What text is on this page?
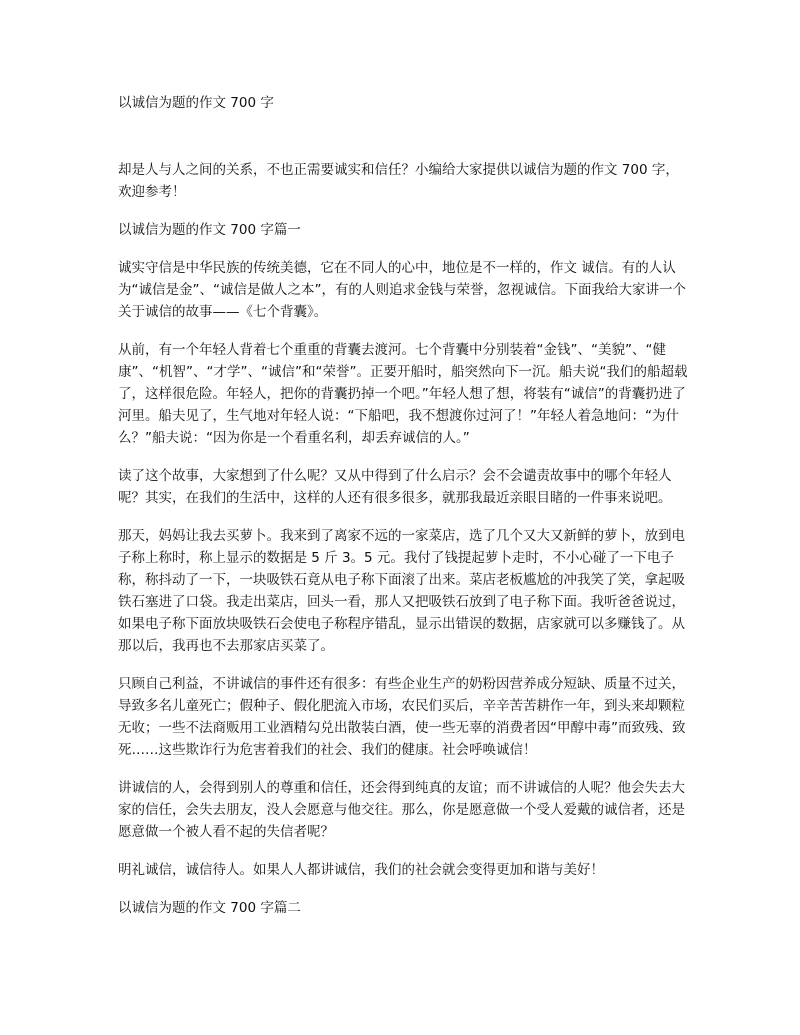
以诚信为题的作文 700 字

却是人与人之间的关系，不也正需要诚实和信任？小编给大家提供以诚信为题的作文 700 字，欢迎参考！

以诚信为题的作文 700 字篇一

诚实守信是中华民族的传统美德，它在不同人的心中，地位是不一样的，作文 诚信。有的人认为“诚信是金”、“诚信是做人之本”，有的人则追求金钱与荣誉，忽视诚信。下面我给大家讲一个关于诚信的故事——《七个背囊》。

从前，有一个年轻人背着七个重重的背囊去渡河。七个背囊中分别装着“金钱”、“美貌”、“健康”、“机智”、“才学”、“诚信”和“荣誉”。正要开船时，船突然向下一沉。船夫说“我们的船超载了，这样很危险。年轻人，把你的背囊扔掉一个吧。”年轻人想了想，将装有“诚信”的背囊扔进了河里。船夫见了，生气地对年轻人说：“下船吧，我不想渡你过河了！”年轻人着急地问：“为什么？”船夫说：“因为你是一个看重名利，却丢弃诚信的人。”

读了这个故事，大家想到了什么呢？又从中得到了什么启示？会不会谴责故事中的哪个年轻人呢？其实，在我们的生活中，这样的人还有很多很多，就那我最近亲眼目睹的一件事来说吧。

那天，妈妈让我去买萝卜。我来到了离家不远的一家菜店，选了几个又大又新鲜的萝卜，放到电子称上称时，称上显示的数据是 5 斤 3。5 元。我付了钱提起萝卜走时，不小心碰了一下电子称，称抖动了一下，一块吸铁石竟从电子称下面滚了出来。菜店老板尴尬的冲我笑了笑，拿起吸铁石塞进了口袋。我走出菜店，回头一看，那人又把吸铁石放到了电子称下面。我听爸爸说过，如果电子称下面放块吸铁石会使电子称程序错乱，显示出错误的数据，店家就可以多赚钱了。从那以后，我再也不去那家店买菜了。

只顾自己利益，不讲诚信的事件还有很多：有些企业生产的奶粉因营养成分短缺、质量不过关，导致多名儿童死亡；假种子、假化肥流入市场，农民们买后，辛辛苦苦耕作一年，到头来却颗粒无收；一些不法商贩用工业酒精勾兑出散装白酒，使一些无辜的消费者因“甲醇中毒”而致残、致死……这些欺诈行为危害着我们的社会、我们的健康。社会呼唤诚信！

讲诚信的人，会得到别人的尊重和信任，还会得到纯真的友谊；而不讲诚信的人呢？他会失去大家的信任，会失去朋友，没人会愿意与他交往。那么，你是愿意做一个受人爱戴的诚信者，还是愿意做一个被人看不起的失信者呢？

明礼诚信，诚信待人。如果人人都讲诚信，我们的社会就会变得更加和谐与美好！

以诚信为题的作文 700 字篇二
